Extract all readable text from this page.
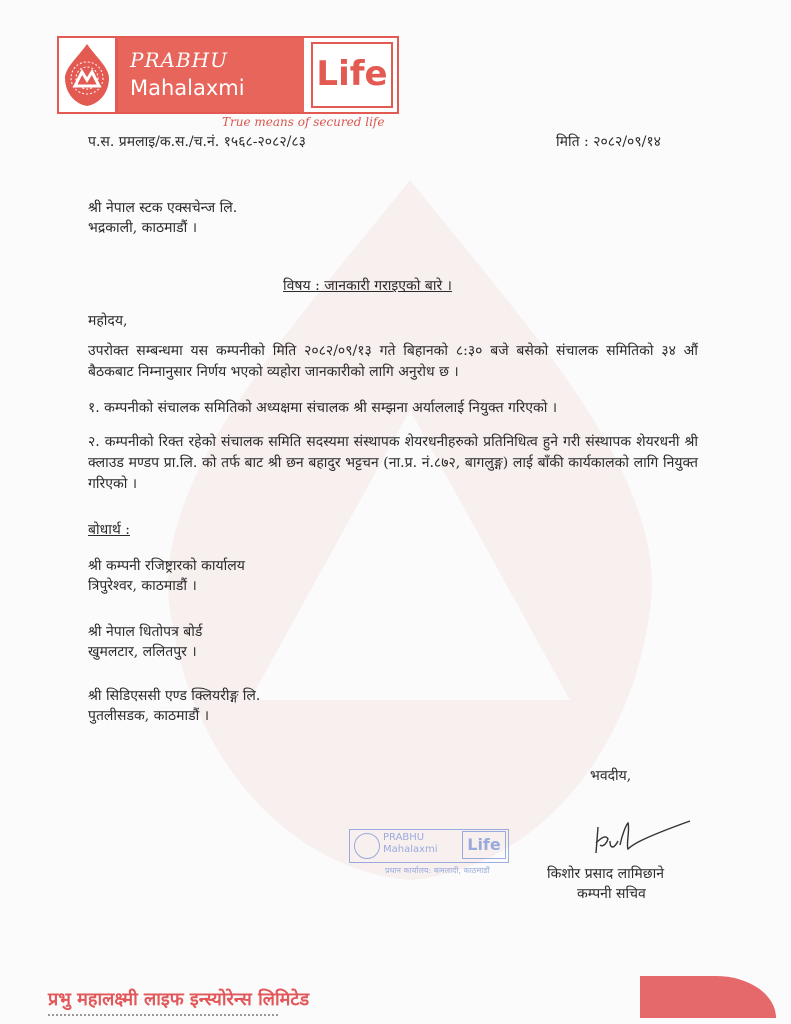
PRABHU
Mahalaxmi Life
True means of secured life
प.स. प्रमलाइ/क.स./च.नं. १५६८-२०८२/८३	मिति : २०८२/०९/१४
श्री नेपाल स्टक एक्सचेन्ज लि.
भद्रकाली, काठमाडौं ।
विषय : जानकारी गराइएको बारे ।
महोदय,
उपरोक्त सम्बन्धमा यस कम्पनीको मिति २०८२/०९/१३ गते बिहानको ८:३० बजे बसेको संचालक समितिको ३४ औं बैठकबाट निम्नानुसार निर्णय भएको व्यहोरा जानकारीको लागि अनुरोध छ ।
१. कम्पनीको संचालक समितिको अध्यक्षमा संचालक श्री सम्झना अर्याललाई नियुक्त गरिएको ।
२. कम्पनीको रिक्त रहेको संचालक समिति सदस्यमा संस्थापक शेयरधनीहरुको प्रतिनिधित्व हुने गरी संस्थापक शेयरधनी श्री क्लाउड मण्डप प्रा.लि. को तर्फ बाट श्री छन बहादुर भट्टचन (ना.प्र. नं.८७२, बागलुङ्ग) लाई बाँकी कार्यकालको लागि नियुक्त गरिएको ।
बोधार्थ :
श्री कम्पनी रजिष्ट्रारको कार्यालय
त्रिपुरेश्वर, काठमाडौं ।
श्री नेपाल धितोपत्र बोर्ड
खुमलटार, ललितपुर ।
श्री सिडिएससी एण्ड क्लियरीङ्ग लि.
पुतलीसडक, काठमाडौं ।
PRABHU
Mahalaxmi	Life
प्रधान कार्यालय: कमलादी, काठमाडौं
भवदीय,
किशोर प्रसाद लामिछाने
कम्पनी सचिव
प्रभु महालक्ष्मी लाइफ इन्स्योरेन्स लिमिटेड
